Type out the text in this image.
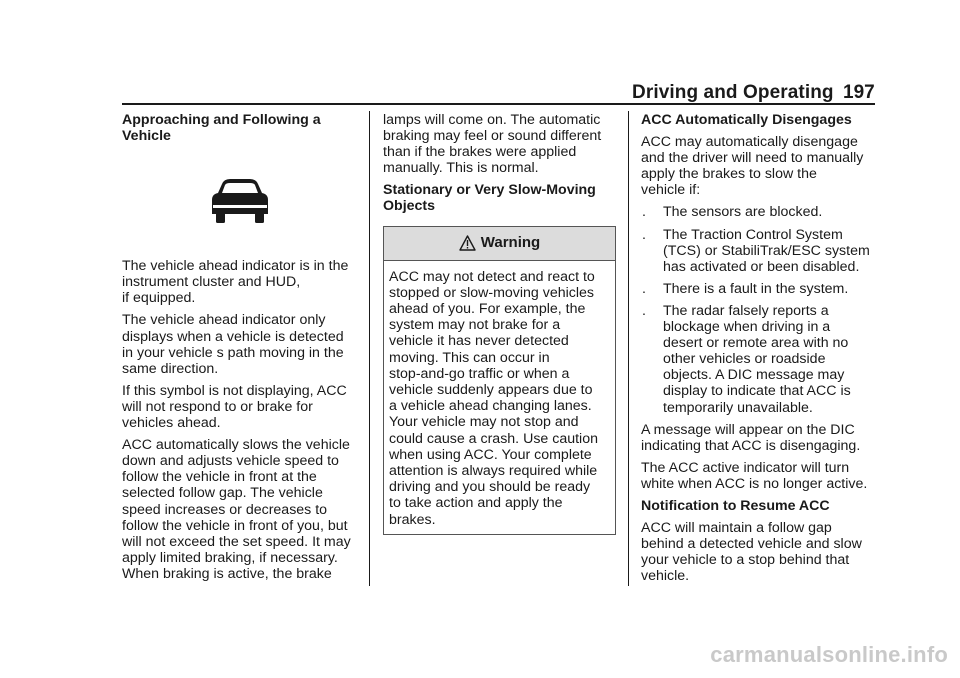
Driving and Operating 197
Approaching and Following a
Vehicle

The vehicle ahead indicator is in the
instrument cluster and HUD,
if equipped.

The vehicle ahead indicator only
displays when a vehicle is detected
in your vehicle s path moving in the
same direction.

If this symbol is not displaying, ACC
will not respond to or brake for
vehicles ahead.

ACC automatically slows the vehicle
down and adjusts vehicle speed to
follow the vehicle in front at the
selected follow gap. The vehicle
speed increases or decreases to
follow the vehicle in front of you, but
will not exceed the set speed. It may
apply limited braking, if necessary.
When braking is active, the brake

lamps will come on. The automatic
braking may feel or sound different
than if the brakes were applied
manually. This is normal.

Stationary or Very Slow-Moving
Objects
Warning
ACC may not detect and react to
stopped or slow-moving vehicles
ahead of you. For example, the
system may not brake for a
vehicle it has never detected
moving. This can occur in
stop-and-go traffic or when a
vehicle suddenly appears due to
a vehicle ahead changing lanes.
Your vehicle may not stop and
could cause a crash. Use caution
when using ACC. Your complete
attention is always required while
driving and you should be ready
to take action and apply the
brakes.
ACC Automatically Disengages

ACC may automatically disengage
and the driver will need to manually
apply the brakes to slow the
vehicle if:

. The sensors are blocked.
. The Traction Control System
(TCS) or StabiliTrak/ESC system
has activated or been disabled.
. There is a fault in the system.
. The radar falsely reports a
blockage when driving in a
desert or remote area with no
other vehicles or roadside
objects. A DIC message may
display to indicate that ACC is
temporarily unavailable.

A message will appear on the DIC
indicating that ACC is disengaging.

The ACC active indicator will turn
white when ACC is no longer active.

Notification to Resume ACC

ACC will maintain a follow gap
behind a detected vehicle and slow
your vehicle to a stop behind that
vehicle.

carmanualsonline.info
